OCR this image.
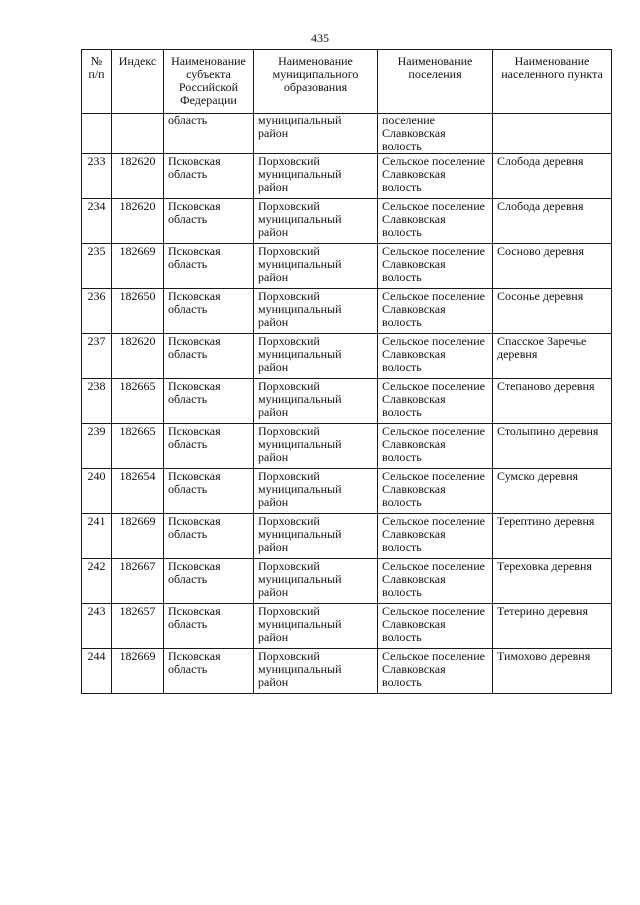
435
№ п/п	Индекс	Наименование субъекта Российской Федерации	Наименование муниципального образования	Наименование поселения	Наименование населенного пункта
		область	муниципальный район	поселение Славковская волость	
233	182620	Псковская область	Порховский муниципальный район	Сельское поселение Славковская волость	Слобода деревня
234	182620	Псковская область	Порховский муниципальный район	Сельское поселение Славковская волость	Слобода деревня
235	182669	Псковская область	Порховский муниципальный район	Сельское поселение Славковская волость	Сосново деревня
236	182650	Псковская область	Порховский муниципальный район	Сельское поселение Славковская волость	Сосонье деревня
237	182620	Псковская область	Порховский муниципальный район	Сельское поселение Славковская волость	Спасское Заречье деревня
238	182665	Псковская область	Порховский муниципальный район	Сельское поселение Славковская волость	Степаново деревня
239	182665	Псковская область	Порховский муниципальный район	Сельское поселение Славковская волость	Столыпино деревня
240	182654	Псковская область	Порховский муниципальный район	Сельское поселение Славковская волость	Сумско деревня
241	182669	Псковская область	Порховский муниципальный район	Сельское поселение Славковская волость	Терептино деревня
242	182667	Псковская область	Порховский муниципальный район	Сельское поселение Славковская волость	Тереховка деревня
243	182657	Псковская область	Порховский муниципальный район	Сельское поселение Славковская волость	Тетерино деревня
244	182669	Псковская область	Порховский муниципальный район	Сельское поселение Славковская волость	Тимохово деревня
